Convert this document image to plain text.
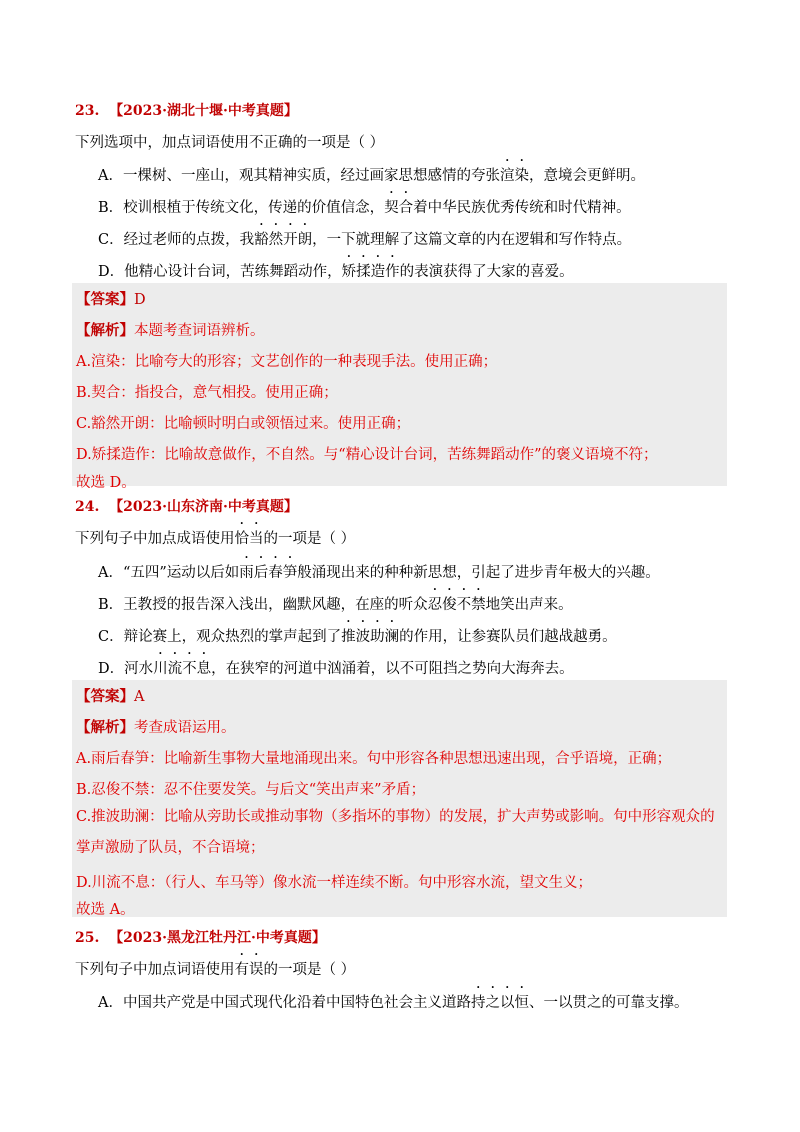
23. 【2023·湖北十堰·中考真题】
下列选项中，加点词语使用不正确的一项是（ ）
A．一棵树、一座山，观其精神实质，经过画家思想感情的夸张渲染，意境会更鲜明。
B．校训根植于传统文化，传递的价值信念，契合着中华民族优秀传统和时代精神。
C．经过老师的点拨，我豁然开朗，一下就理解了这篇文章的内在逻辑和写作特点。
D．他精心设计台词，苦练舞蹈动作，矫揉造作的表演获得了大家的喜爱。
【答案】D
【解析】本题考查词语辨析。
A.渲染：比喻夸大的形容；文艺创作的一种表现手法。使用正确；
B.契合：指投合，意气相投。使用正确；
C.豁然开朗：比喻顿时明白或领悟过来。使用正确；
D.矫揉造作：比喻故意做作，不自然。与“精心设计台词，苦练舞蹈动作”的褒义语境不符；
故选 D。
24. 【2023·山东济南·中考真题】
下列句子中加点成语使用恰当的一项是（ ）
A．“五四”运动以后如雨后春笋般涌现出来的种种新思想，引起了进步青年极大的兴趣。
B．王教授的报告深入浅出，幽默风趣，在座的听众忍俊不禁地笑出声来。
C．辩论赛上，观众热烈的掌声起到了推波助澜的作用，让参赛队员们越战越勇。
D．河水川流不息，在狭窄的河道中汹涌着，以不可阻挡之势向大海奔去。
【答案】A
【解析】考查成语运用。
A.雨后春笋：比喻新生事物大量地涌现出来。句中形容各种思想迅速出现，合乎语境，正确；
B.忍俊不禁：忍不住要发笑。与后文“笑出声来”矛盾；
C.推波助澜：比喻从旁助长或推动事物（多指坏的事物）的发展，扩大声势或影响。句中形容观众的掌声激励了队员，不合语境；
D.川流不息：（行人、车马等）像水流一样连续不断。句中形容水流，望文生义；
故选 A。
25. 【2023·黑龙江牡丹江·中考真题】
下列句子中加点词语使用有误的一项是（ ）
A．中国共产党是中国式现代化沿着中国特色社会主义道路持之以恒、一以贯之的可靠支撑。
